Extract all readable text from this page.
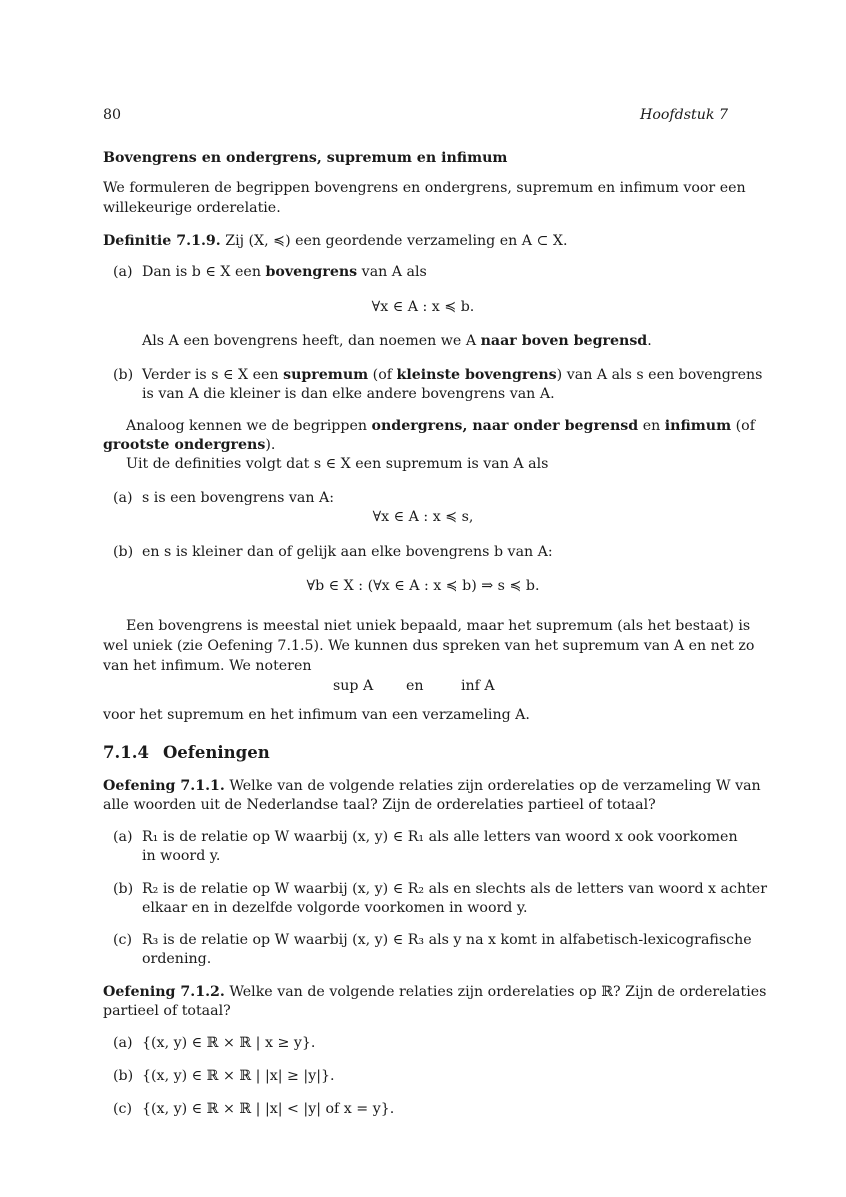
80	Hoofdstuk 7
Bovengrens en ondergrens, supremum en infimum
We formuleren de begrippen bovengrens en ondergrens, supremum en infimum voor een
willekeurige orderelatie.
Definitie 7.1.9. Zij (X, ≼) een geordende verzameling en A ⊂ X.
(a) Dan is b ∈ X een bovengrens van A als
∀x ∈ A : x ≼ b.
Als A een bovengrens heeft, dan noemen we A naar boven begrensd.
(b) Verder is s ∈ X een supremum (of kleinste bovengrens) van A als s een bovengrens
is van A die kleiner is dan elke andere bovengrens van A.
Analoog kennen we de begrippen ondergrens, naar onder begrensd en infimum (of
grootste ondergrens).
Uit de definities volgt dat s ∈ X een supremum is van A als
(a) s is een bovengrens van A:
∀x ∈ A : x ≼ s,
(b) en s is kleiner dan of gelijk aan elke bovengrens b van A:
∀b ∈ X : (∀x ∈ A : x ≼ b) ⇒ s ≼ b.
Een bovengrens is meestal niet uniek bepaald, maar het supremum (als het bestaat) is
wel uniek (zie Oefening 7.1.5). We kunnen dus spreken van het supremum van A en net zo
van het infimum. We noteren
sup A en	inf A
voor het supremum en het infimum van een verzameling A.
7.1.4 Oefeningen
Oefening 7.1.1. Welke van de volgende relaties zijn orderelaties op de verzameling W van
alle woorden uit de Nederlandse taal? Zijn de orderelaties partieel of totaal?
(a) R₁ is de relatie op W waarbij (x, y) ∈ R₁ als alle letters van woord x ook voorkomen
in woord y.
(b) R₂ is de relatie op W waarbij (x, y) ∈ R₂ als en slechts als de letters van woord x achter
elkaar en in dezelfde volgorde voorkomen in woord y.
(c) R₃ is de relatie op W waarbij (x, y) ∈ R₃ als y na x komt in alfabetisch-lexicografische
ordening.
Oefening 7.1.2. Welke van de volgende relaties zijn orderelaties op ℝ? Zijn de orderelaties
partieel of totaal?
(a) {(x, y) ∈ ℝ × ℝ | x ≥ y}.
(b) {(x, y) ∈ ℝ × ℝ | |x| ≥ |y|}.
(c) {(x, y) ∈ ℝ × ℝ | |x| < |y| of x = y}.
